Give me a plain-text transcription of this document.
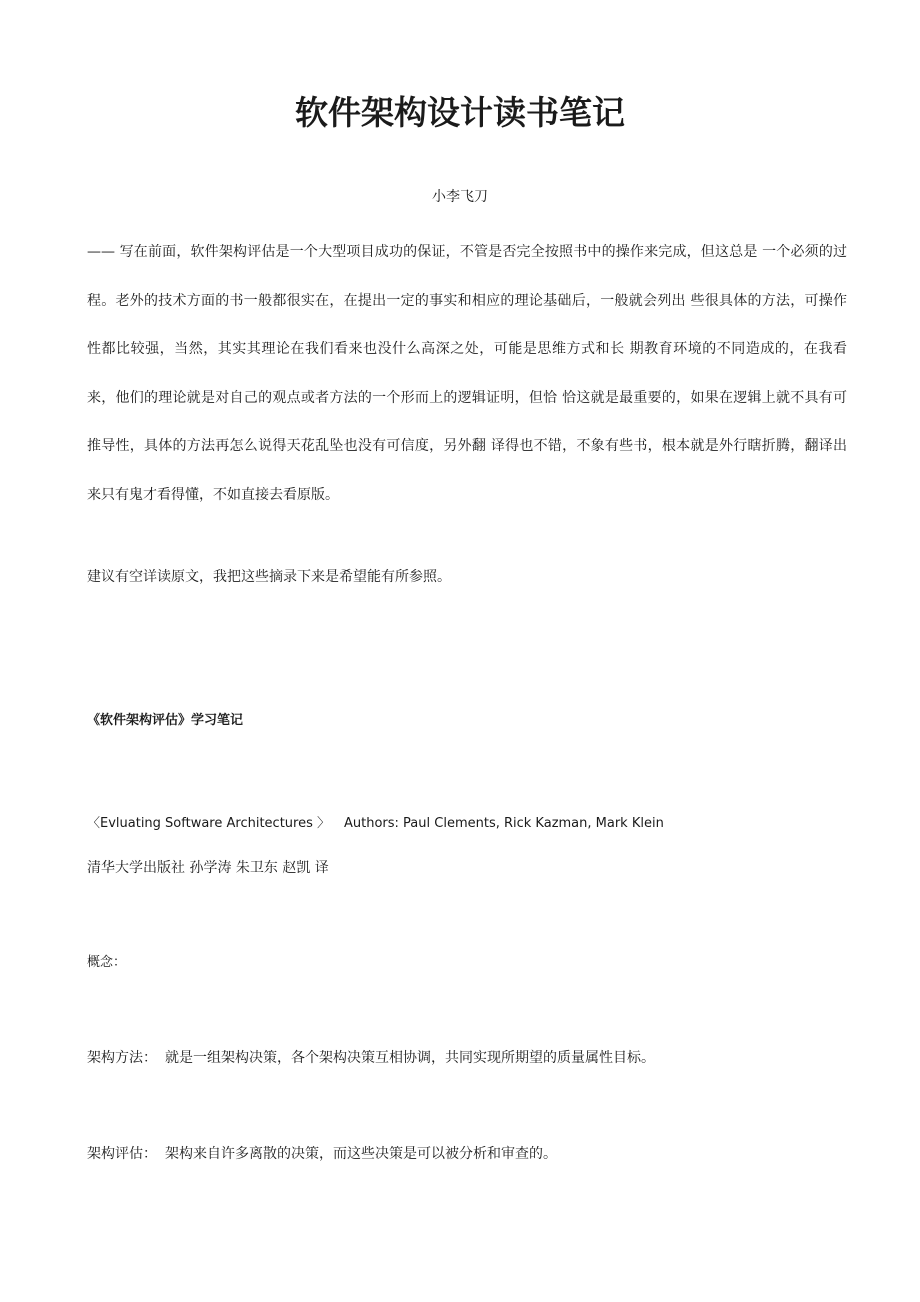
软件架构设计读书笔记
小李飞刀

—— 写在前面，软件架构评估是一个大型项目成功的保证，不管是否完全按照书中的操作来完成，但这总是 一个必须的过程。老外的技术方面的书一般都很实在，在提出一定的事实和相应的理论基础后，一般就会列出 些很具体的方法，可操作性都比较强，当然，其实其理论在我们看来也没什么高深之处，可能是思维方式和长 期教育环境的不同造成的，在我看来，他们的理论就是对自己的观点或者方法的一个形而上的逻辑证明，但恰 恰这就是最重要的，如果在逻辑上就不具有可推导性，具体的方法再怎么说得天花乱坠也没有可信度，另外翻 译得也不错，不象有些书，根本就是外行瞎折腾，翻译出来只有鬼才看得懂，不如直接去看原版。

建议有空详读原文，我把这些摘录下来是希望能有所参照。
《软件架构评估》学习笔记
〈Evluating Software Architectures 〉 Authors: Paul Clements, Rick Kazman, Mark Klein
清华大学出版社 孙学涛 朱卫东 赵凯 译
概念：
架构方法： 就是一组架构决策，各个架构决策互相协调，共同实现所期望的质量属性目标。
架构评估： 架构来自许多离散的决策，而这些决策是可以被分析和审查的。
